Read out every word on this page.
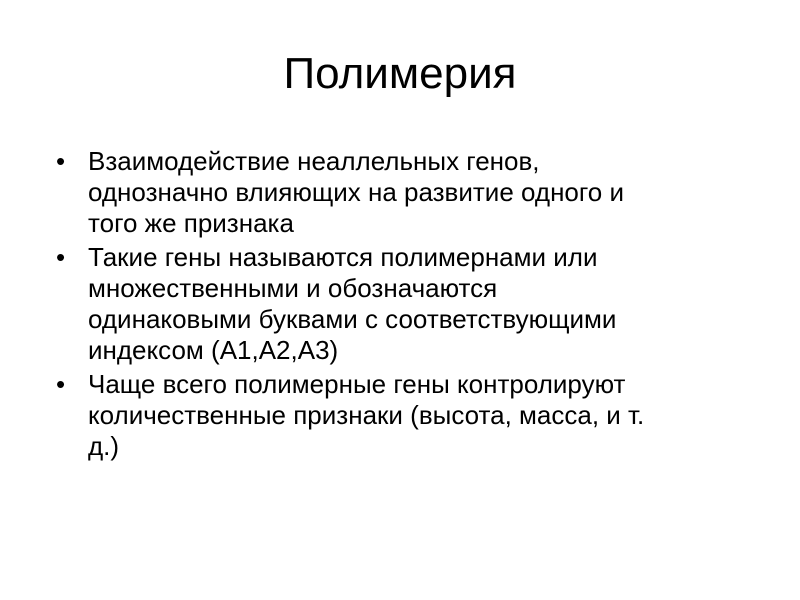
Полимерия
• Взаимодействие неаллельных генов,
однозначно влияющих на развитие одного и
того же признака
• Такие гены называются полимернами или
множественными и обозначаются
одинаковыми буквами с соответствующими
индексом (А1,А2,А3)
• Чаще всего полимерные гены контролируют
количественные признаки (высота, масса, и т.
д.)
